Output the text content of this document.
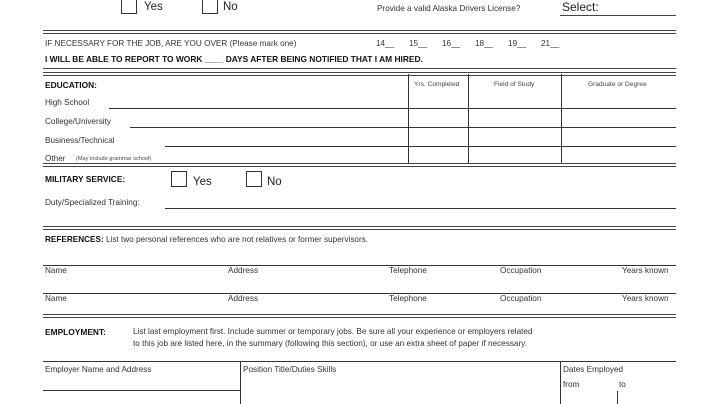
Yes	No	Provide a valid Alaska Drivers License?	Select:
IF NECESSARY FOR THE JOB, ARE YOU OVER (Please mark one)	14__ 15__ 16__ 18__ 19__ 21__
I WILL BE ABLE TO REPORT TO WORK ____ DAYS AFTER BEING NOTIFIED THAT I AM HIRED.
EDUCATION:	Yrs. Completed	Field of Study	Graduate or Degree
High School
College/University
Business/Technical
Other (May include grammar school)
MILITARY SERVICE:	Yes	No
Duty/Specialized Training:
REFERENCES: List two personal references who are not relatives or former supervisors.
Name	Address	Telephone	Occupation	Years known
Name	Address	Telephone	Occupation	Years known
EMPLOYMENT:	List last employment first. Include summer or temporary jobs. Be sure all your experience or employers related
to this job are listed here, in the summary (following this section), or use an extra sheet of paper if necessary.
Employer Name and Address	Position Title/Duties Skills	Dates Employed
from	to
